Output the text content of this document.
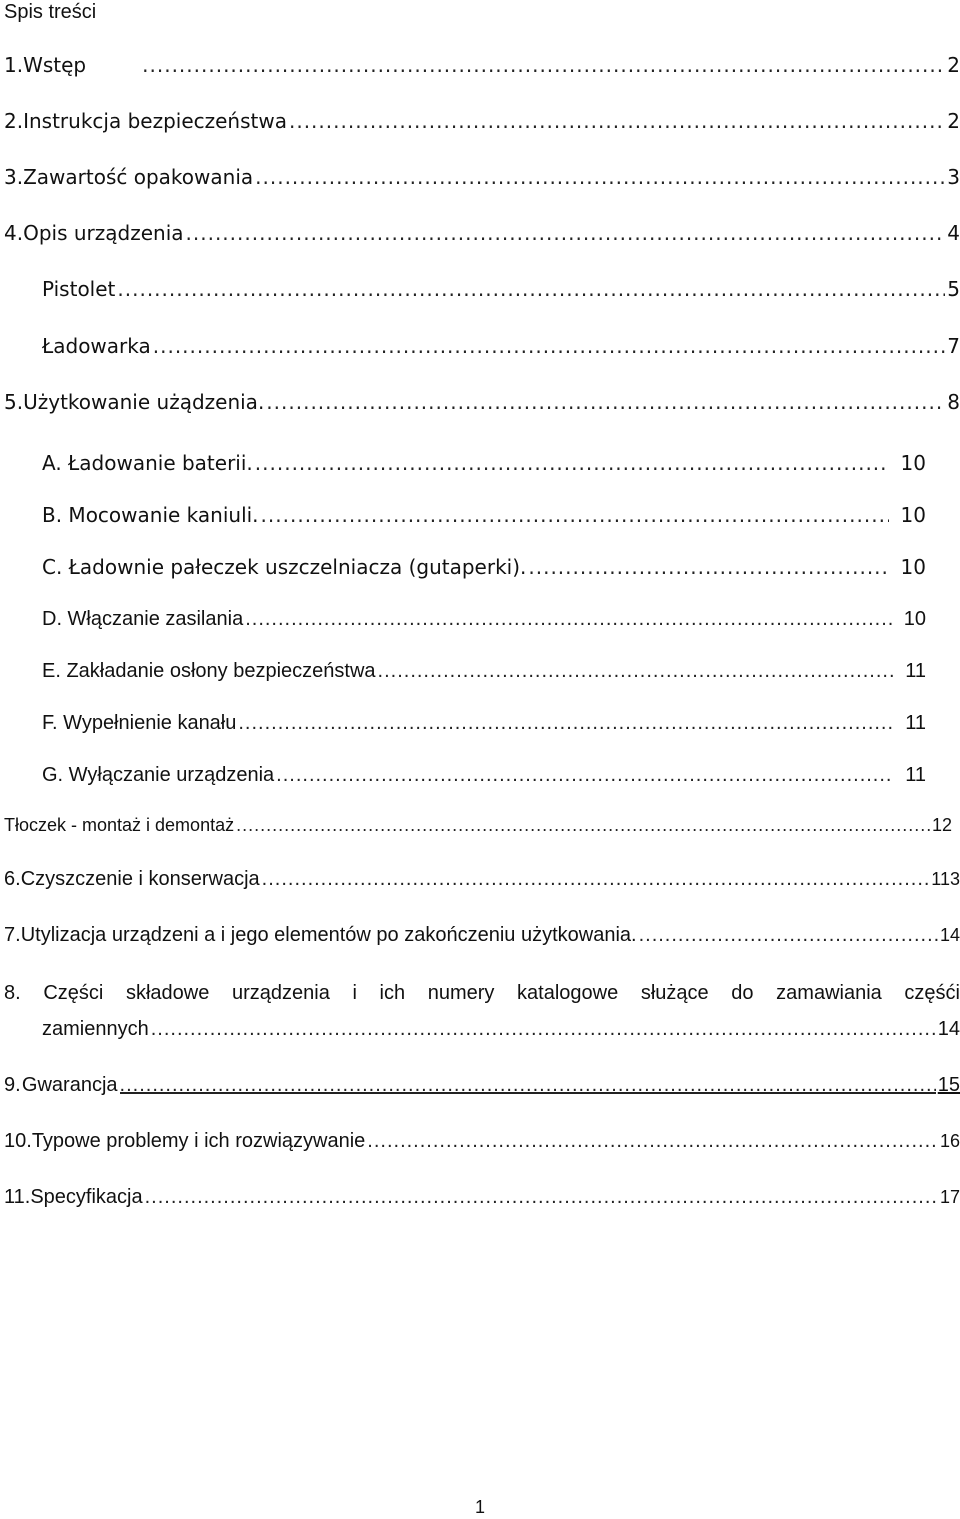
Spis treści
1. Wstęp .....	2
2. Instrukcja bezpieczeństwa .....	2
3. Zawartość opakowania .....	3
4. Opis urządzenia .....	4
Pistolet .....	5
Ładowarka .....	7
5. Użytkowanie użądzenia. .....	8
A. Ładowanie baterii. .....	10
B. Mocowanie kaniuli. .....	10
C. Ładownie pałeczek uszczelniacza (gutaperki). .....	10
D. Włączanie zasilania .....	10
E. Zakładanie osłony bezpieczeństwa .....	11
F. Wypełnienie kanału .....	11
G. Wyłączanie urządzenia .....	11
Tłoczek - montaż i demontaż .....	12
6. Czyszczenie i konserwacja .....	113
7. Utylizacja urządzeni a i jego elementów po zakończeniu użytkowania. .....	14
8. Części składowe urządzenia i ich numery katalogowe służące do zamawiania częśći
zamiennych .....	14
9. Gwarancja .....	15
10. Typowe problemy i ich rozwiązywanie .....	16
11. Specyfikacja .....	17
1
